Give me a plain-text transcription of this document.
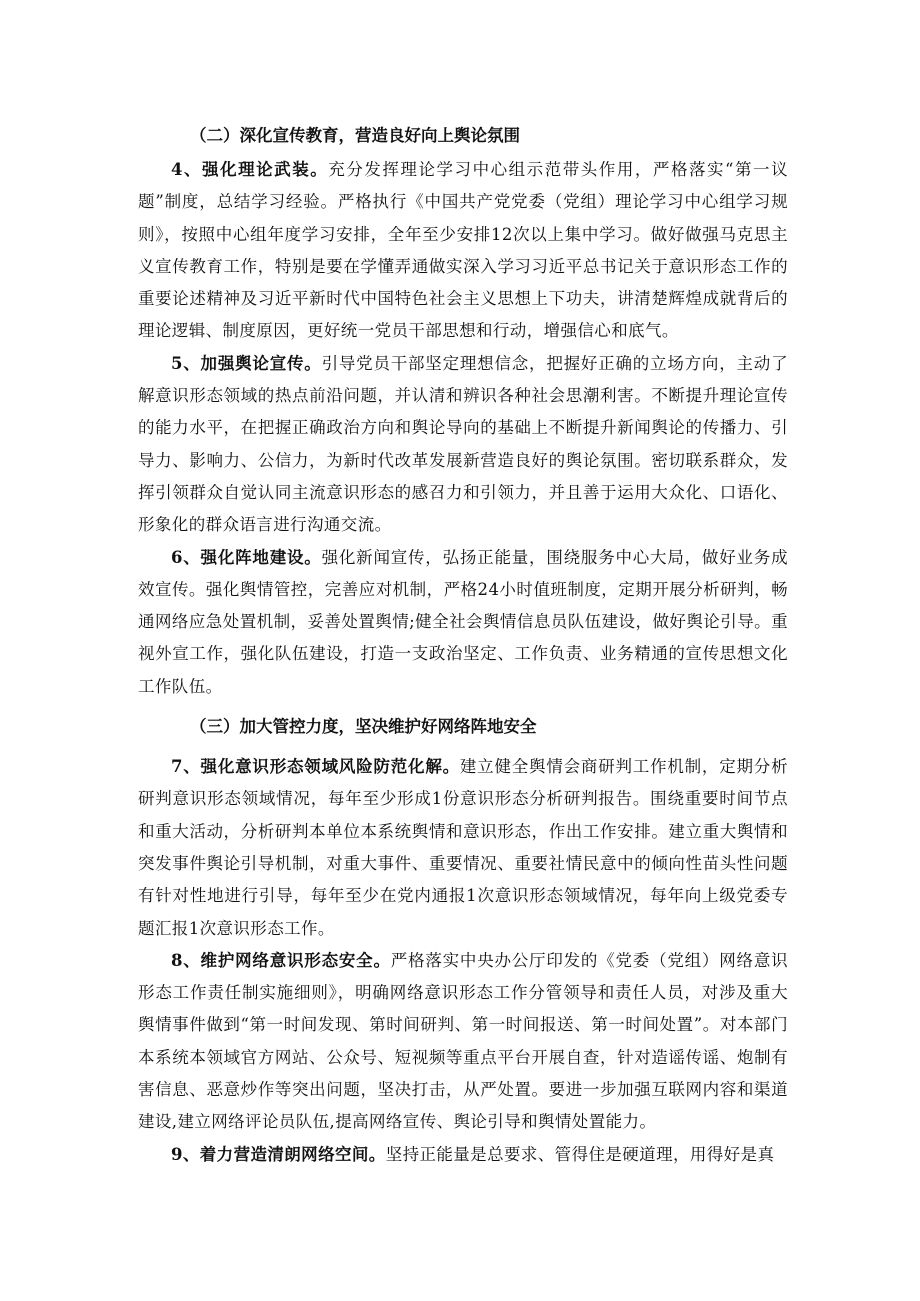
（二）深化宣传教育，营造良好向上舆论氛围

4、强化理论武装。充分发挥理论学习中心组示范带头作用，严格落实“第一议题”制度，总结学习经验。严格执行《中国共产党党委（党组）理论学习中心组学习规则》，按照中心组年度学习安排，全年至少安排12次以上集中学习。做好做强马克思主义宣传教育工作，特别是要在学懂弄通做实深入学习习近平总书记关于意识形态工作的重要论述精神及习近平新时代中国特色社会主义思想上下功夫，讲清楚辉煌成就背后的理论逻辑、制度原因，更好统一党员干部思想和行动，增强信心和底气。

5、加强舆论宣传。引导党员干部坚定理想信念，把握好正确的立场方向，主动了解意识形态领域的热点前沿问题，并认清和辨识各种社会思潮利害。不断提升理论宣传的能力水平，在把握正确政治方向和舆论导向的基础上不断提升新闻舆论的传播力、引导力、影响力、公信力，为新时代改革发展新营造良好的舆论氛围。密切联系群众，发挥引领群众自觉认同主流意识形态的感召力和引领力，并且善于运用大众化、口语化、形象化的群众语言进行沟通交流。

6、强化阵地建设。强化新闻宣传，弘扬正能量，围绕服务中心大局，做好业务成效宣传。强化舆情管控，完善应对机制，严格24小时值班制度，定期开展分析研判，畅通网络应急处置机制，妥善处置舆情;健全社会舆情信息员队伍建设，做好舆论引导。重视外宣工作，强化队伍建设，打造一支政治坚定、工作负责、业务精通的宣传思想文化工作队伍。

（三）加大管控力度，坚决维护好网络阵地安全

7、强化意识形态领域风险防范化解。建立健全舆情会商研判工作机制，定期分析研判意识形态领域情况，每年至少形成1份意识形态分析研判报告。围绕重要时间节点和重大活动，分析研判本单位本系统舆情和意识形态，作出工作安排。建立重大舆情和突发事件舆论引导机制，对重大事件、重要情况、重要社情民意中的倾向性苗头性问题有针对性地进行引导，每年至少在党内通报1次意识形态领域情况，每年向上级党委专题汇报1次意识形态工作。

8、维护网络意识形态安全。严格落实中央办公厅印发的《党委（党组）网络意识形态工作责任制实施细则》，明确网络意识形态工作分管领导和责任人员，对涉及重大舆情事件做到“第一时间发现、第时间研判、第一时间报送、第一时间处置”。对本部门本系统本领域官方网站、公众号、短视频等重点平台开展自查，针对造谣传谣、炮制有害信息、恶意炒作等突出问题，坚决打击，从严处置。要进一步加强互联网内容和渠道建设,建立网络评论员队伍,提高网络宣传、舆论引导和舆情处置能力。

9、着力营造清朗网络空间。坚持正能量是总要求、管得住是硬道理，用得好是真
